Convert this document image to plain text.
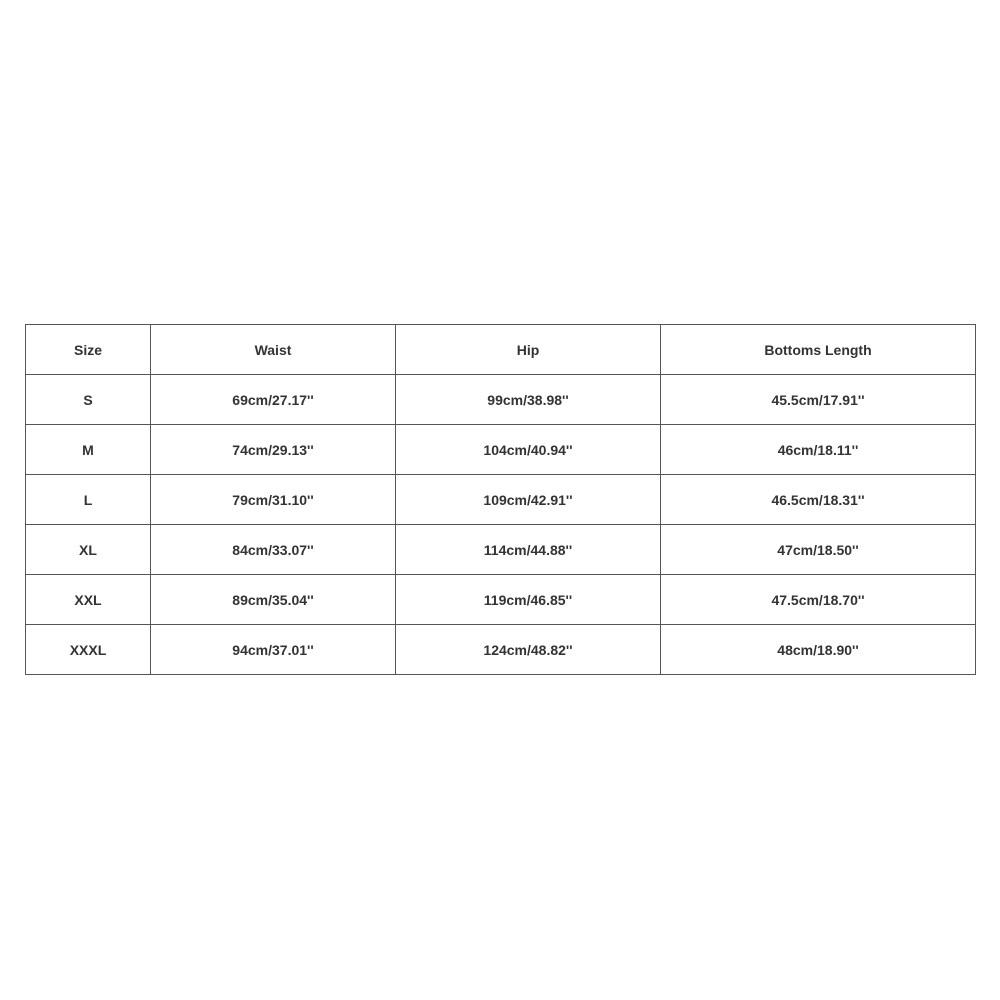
Size	Waist	Hip	Bottoms Length
S	69cm/27.17''	99cm/38.98''	45.5cm/17.91''
M	74cm/29.13''	104cm/40.94''	46cm/18.11''
L	79cm/31.10''	109cm/42.91''	46.5cm/18.31''
XL	84cm/33.07''	114cm/44.88''	47cm/18.50''
XXL	89cm/35.04''	119cm/46.85''	47.5cm/18.70''
XXXL	94cm/37.01''	124cm/48.82''	48cm/18.90''
